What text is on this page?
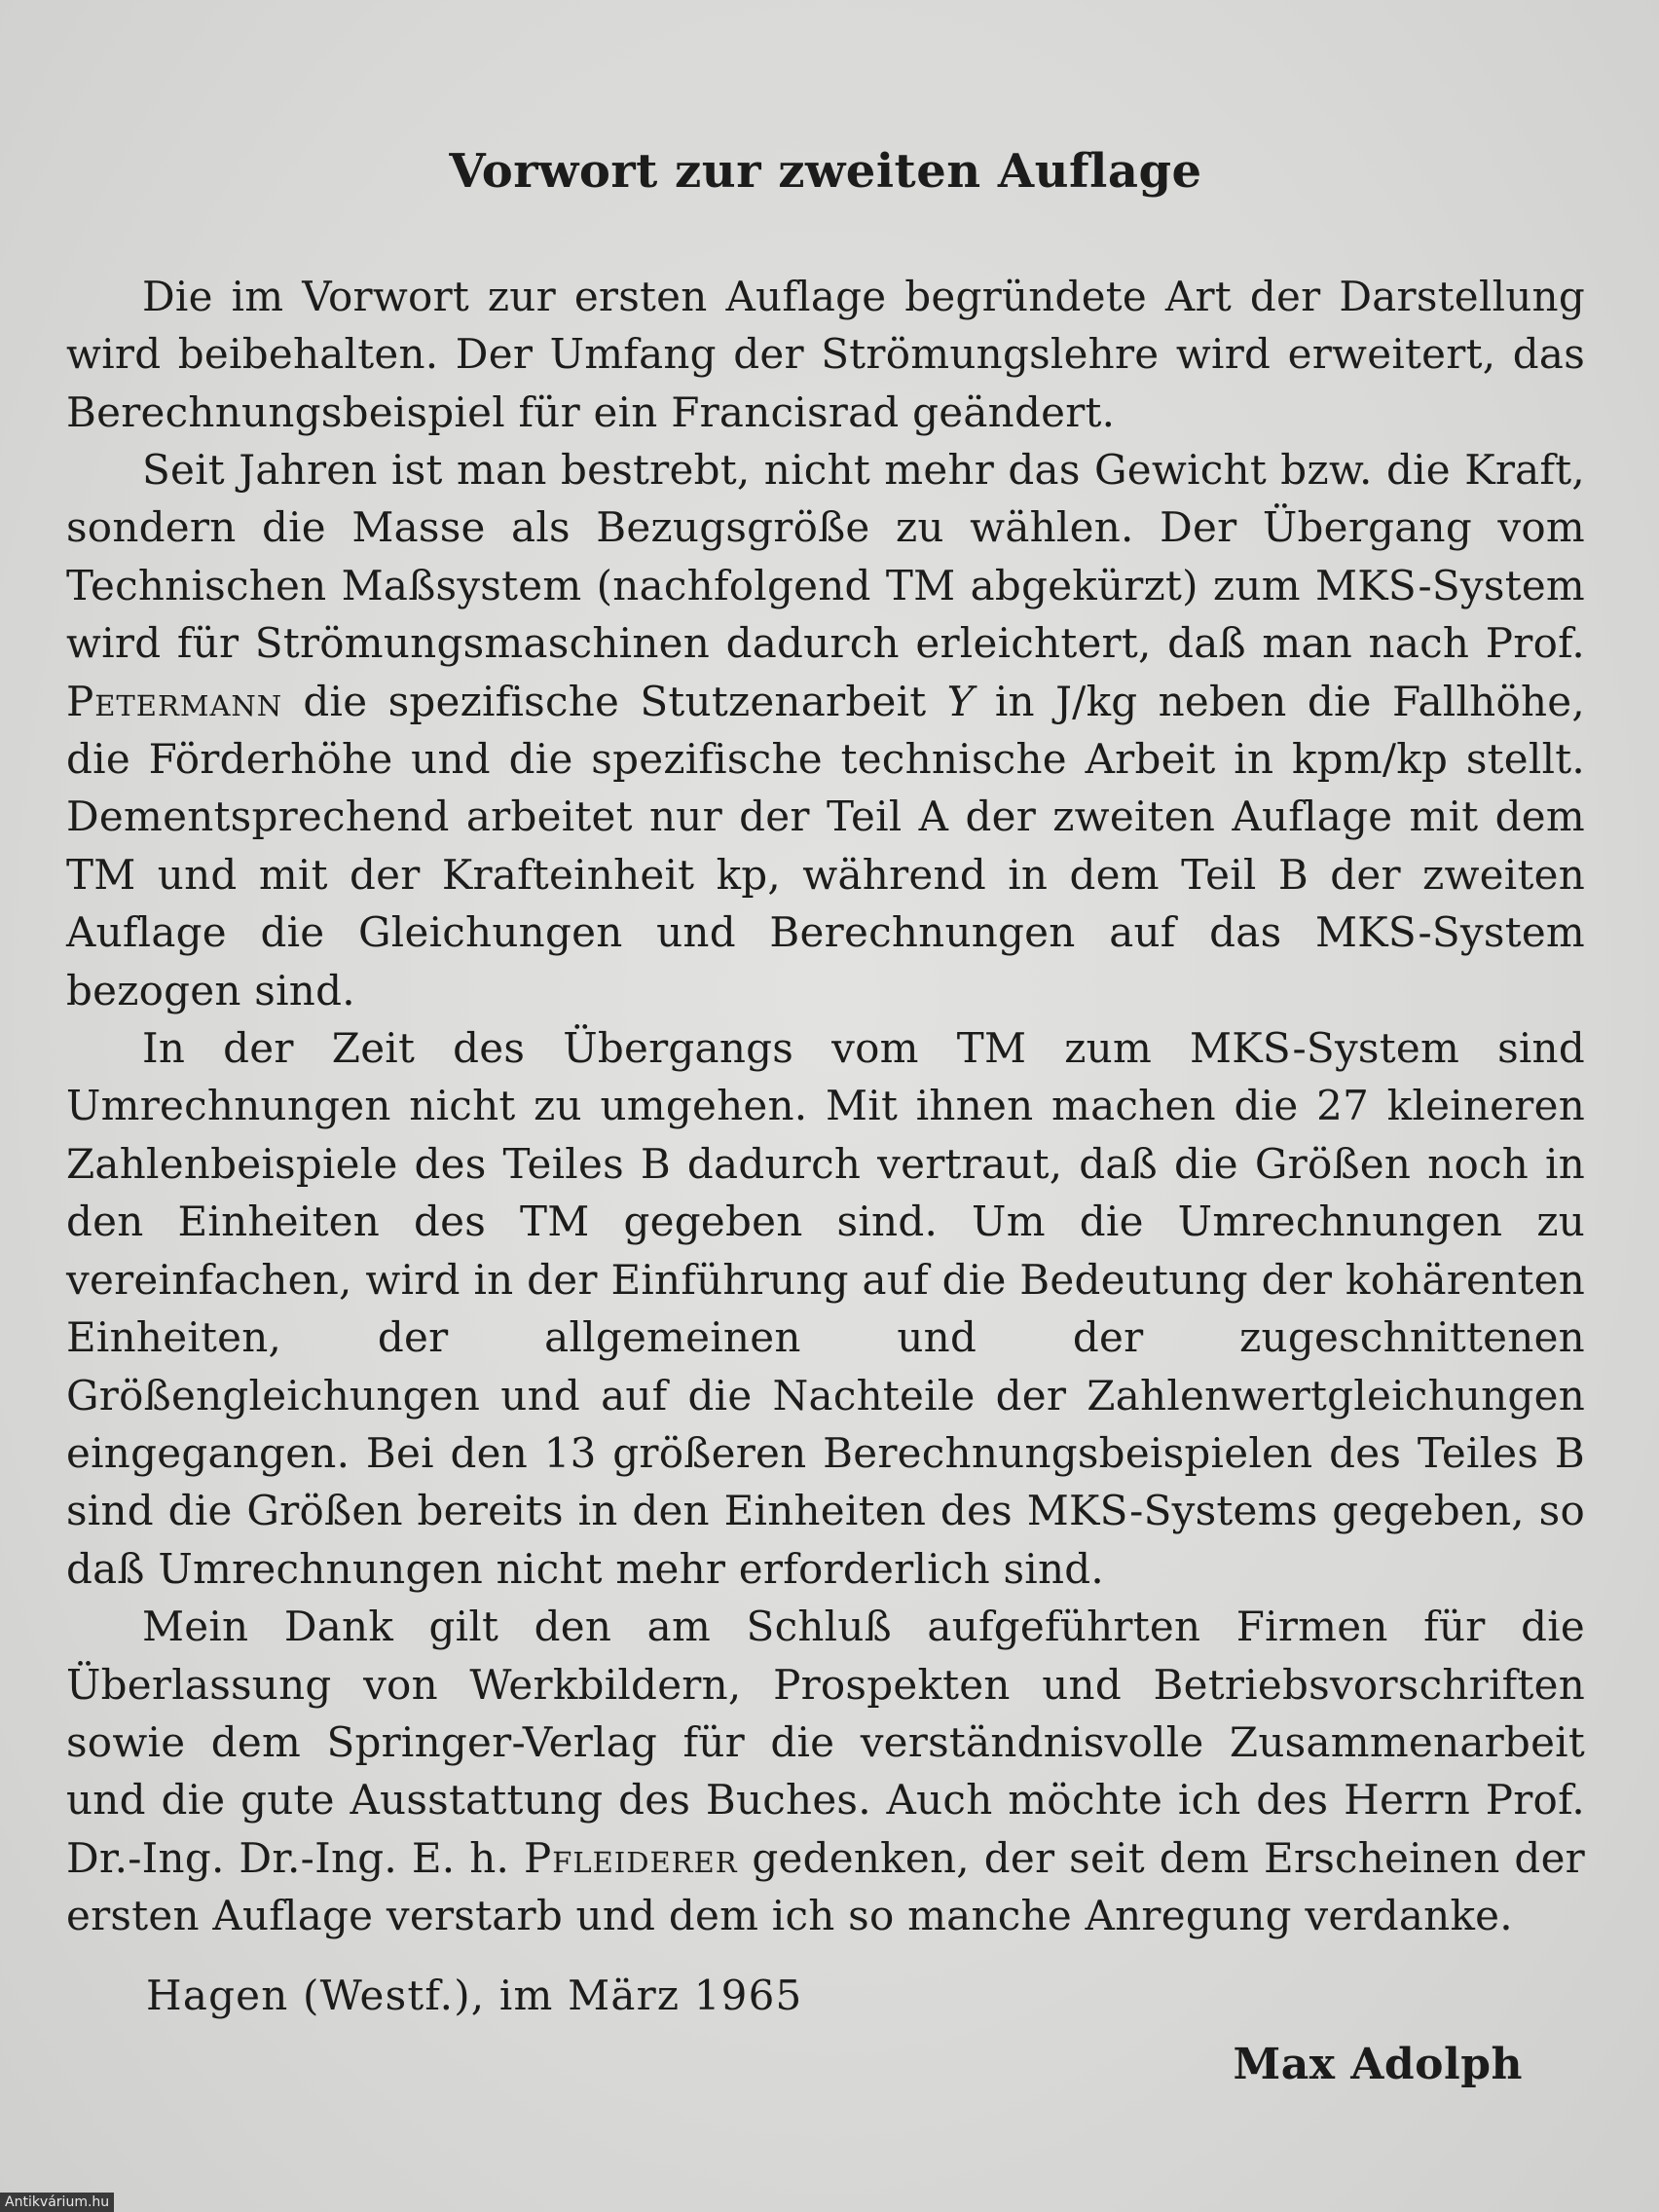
Vorwort zur zweiten Auflage

Die im Vorwort zur ersten Auflage begründete Art der Darstellung wird beibehalten. Der Umfang der Strömungslehre wird erweitert, das Berechnungsbeispiel für ein Francisrad geändert.

Seit Jahren ist man bestrebt, nicht mehr das Gewicht bzw. die Kraft, sondern die Masse als Bezugsgröße zu wählen. Der Übergang vom Technischen Maßsystem (nachfolgend TM abgekürzt) zum MKS-System wird für Strömungsmaschinen dadurch erleichtert, daß man nach Prof. Petermann die spezifische Stutzenarbeit Y in J/kg neben die Fallhöhe, die Förderhöhe und die spezifische technische Arbeit in kpm/kp stellt. Dementsprechend arbeitet nur der Teil A der zweiten Auflage mit dem TM und mit der Krafteinheit kp, während in dem Teil B der zweiten Auflage die Gleichungen und Berechnungen auf das MKS-System bezogen sind.

In der Zeit des Übergangs vom TM zum MKS-System sind Umrechnungen nicht zu umgehen. Mit ihnen machen die 27 kleineren Zahlenbeispiele des Teiles B dadurch vertraut, daß die Größen noch in den Einheiten des TM gegeben sind. Um die Umrechnungen zu vereinfachen, wird in der Einführung auf die Bedeutung der kohärenten Einheiten, der allgemeinen und der zugeschnittenen Größengleichungen und auf die Nachteile der Zahlenwertgleichungen eingegangen. Bei den 13 größeren Berechnungsbeispielen des Teiles B sind die Größen bereits in den Einheiten des MKS-Systems gegeben, so daß Umrechnungen nicht mehr erforderlich sind.

Mein Dank gilt den am Schluß aufgeführten Firmen für die Überlassung von Werkbildern, Prospekten und Betriebsvorschriften sowie dem Springer-Verlag für die verständnisvolle Zusammenarbeit und die gute Ausstattung des Buches. Auch möchte ich des Herrn Prof. Dr.-Ing. Dr.-Ing. E. h. Pfleiderer gedenken, der seit dem Erscheinen der ersten Auflage verstarb und dem ich so manche Anregung verdanke.

Hagen (Westf.), im März 1965
Max Adolph
Antikvárium.hu
